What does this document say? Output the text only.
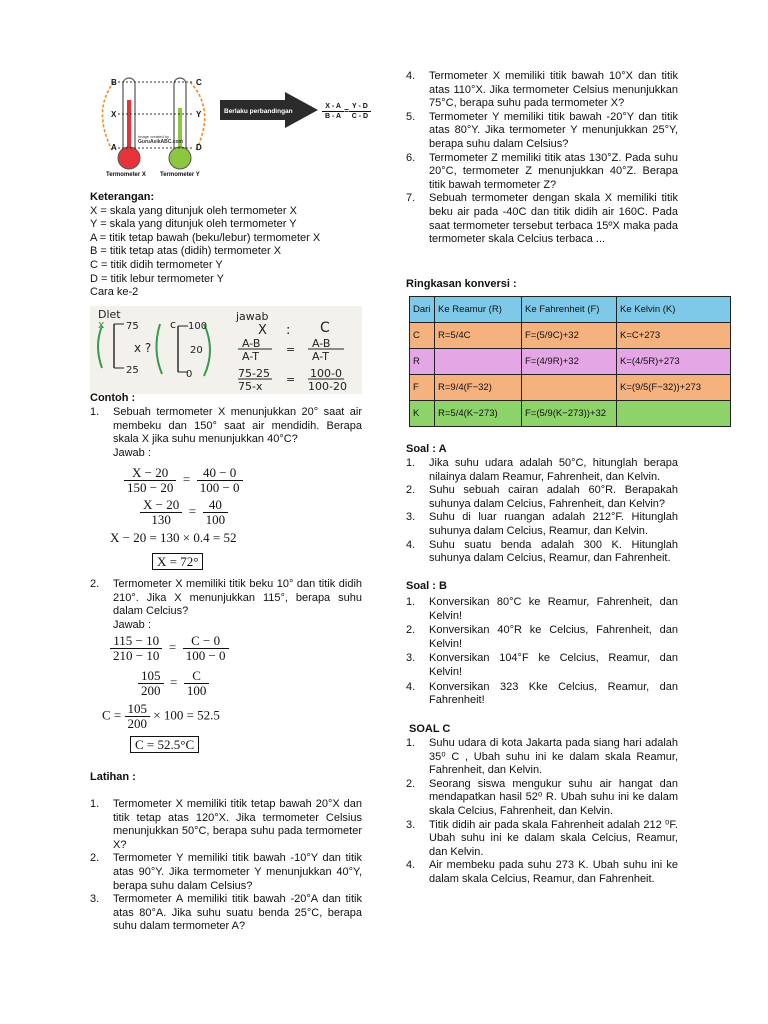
B
X
A
C
Y
D
Image created by
GuruAsikABC.com
Termometer X Termometer Y
Berlaku perbandingan	$\frac{X - A}{B - A} = \frac{Y - D}{C - D}$
Keterangan:
X = skala yang ditunjuk oleh termometer X
Y = skala yang ditunjuk oleh termometer Y
A = titik tetap bawah (beku/lebur) termometer X
B = titik tetap atas (didih) termometer X
C = titik didih termometer Y
D = titik lebur termometer Y
Cara ke-2
Dlet
x 75
25
x ?
c 100
20
0
jawab
X : C
A-B
A-T
= A-B
A-T
75-25
75-x
= 100-0
100-20
Contoh :
1. Sebuah termometer X menunjukkan 20° saat air membeku dan 150° saat air mendidih. Berapa skala X jika suhu menunjukkan 40°C?
Jawab :
$\frac{X - 20}{150 - 20} = \frac{40 - 0}{100 - 0}$
$\frac{X - 20}{130} = \frac{40}{100}$
X − 20 = 130 × 0.4 = 52
X = 72°
2. Termometer X memiliki titik beku 10° dan titik didih 210°. Jika X menunjukkan 115°, berapa suhu dalam Celcius?
Jawab :
$\frac{115 - 10}{210 - 10} = \frac{C - 0}{100 - 0}$
$\frac{105}{200} = \frac{C}{100}$
$C = \frac{105}{200} \times 100 = 52.5$
C = 52.5°C
Latihan :
1. Termometer X memiliki titik tetap bawah 20°X dan titik tetap atas 120°X. Jika termometer Celsius menunjukkan 50°C, berapa suhu pada termometer X?
2. Termometer Y memiliki titik bawah -10°Y dan titik atas 90°Y. Jika termometer Y menunjukkan 40°Y, berapa suhu dalam Celsius?
3. Termometer A memiliki titik bawah -20°A dan titik atas 80°A. Jika suhu suatu benda 25°C, berapa suhu dalam termometer A?
4. Termometer X memiliki titik bawah 10°X dan titik atas 110°X. Jika termometer Celsius menunjukkan 75°C, berapa suhu pada termometer X?
5. Termometer Y memiliki titik bawah -20°Y dan titik atas 80°Y. Jika termometer Y menunjukkan 25°Y, berapa suhu dalam Celsius?
6. Termometer Z memiliki titik atas 130°Z. Pada suhu 20°C, termometer Z menunjukkan 40°Z. Berapa titik bawah termometer Z?
7. Sebuah termometer dengan skala X memiliki titik beku air pada -40C dan titik didih air 160C. Pada saat termometer tersebut terbaca 15ºX maka pada termometer skala Celcius terbaca ...
Ringkasan konversi :
Dari	Ke Reamur (R)	Ke Fahrenheit (F)	Ke Kelvin (K)
C	R=5/4C	F=(5/9C)+32	K=C+273
R		F=(4/9R)+32	K=(4/5R)+273
F	R=9/4(F−32)		K=(9/5(F−32))+273
K	R=5/4(K−273)	F=(5/9(K−273))+32	
Soal : A
1. Jika suhu udara adalah 50°C, hitunglah berapa nilainya dalam Reamur, Fahrenheit, dan Kelvin.
2. Suhu sebuah cairan adalah 60°R. Berapakah suhunya dalam Celcius, Fahrenheit, dan Kelvin?
3. Suhu di luar ruangan adalah 212°F. Hitunglah suhunya dalam Celcius, Reamur, dan Kelvin.
4. Suhu suatu benda adalah 300 K. Hitunglah suhunya dalam Celcius, Reamur, dan Fahrenheit.
Soal : B
1. Konversikan 80°C ke Reamur, Fahrenheit, dan Kelvin!
2. Konversikan 40°R ke Celcius, Fahrenheit, dan Kelvin!
3. Konversikan 104°F ke Celcius, Reamur, dan Kelvin!
4. Konversikan 323 Kke Celcius, Reamur, dan Fahrenheit!
SOAL C
1. Suhu udara di kota Jakarta pada siang hari adalah 35⁰ C , Ubah suhu ini ke dalam skala Reamur, Fahrenheit, dan Kelvin.
2. Seorang siswa mengukur suhu air hangat dan mendapatkan hasil 52⁰ R. Ubah suhu ini ke dalam skala Celcius, Fahrenheit, dan Kelvin.
3. Titik didih air pada skala Fahrenheit adalah 212 ⁰F. Ubah suhu ini ke dalam skala Celcius, Reamur, dan Kelvin.
4. Air membeku pada suhu 273 K. Ubah suhu ini ke dalam skala Celcius, Reamur, dan Fahrenheit.
